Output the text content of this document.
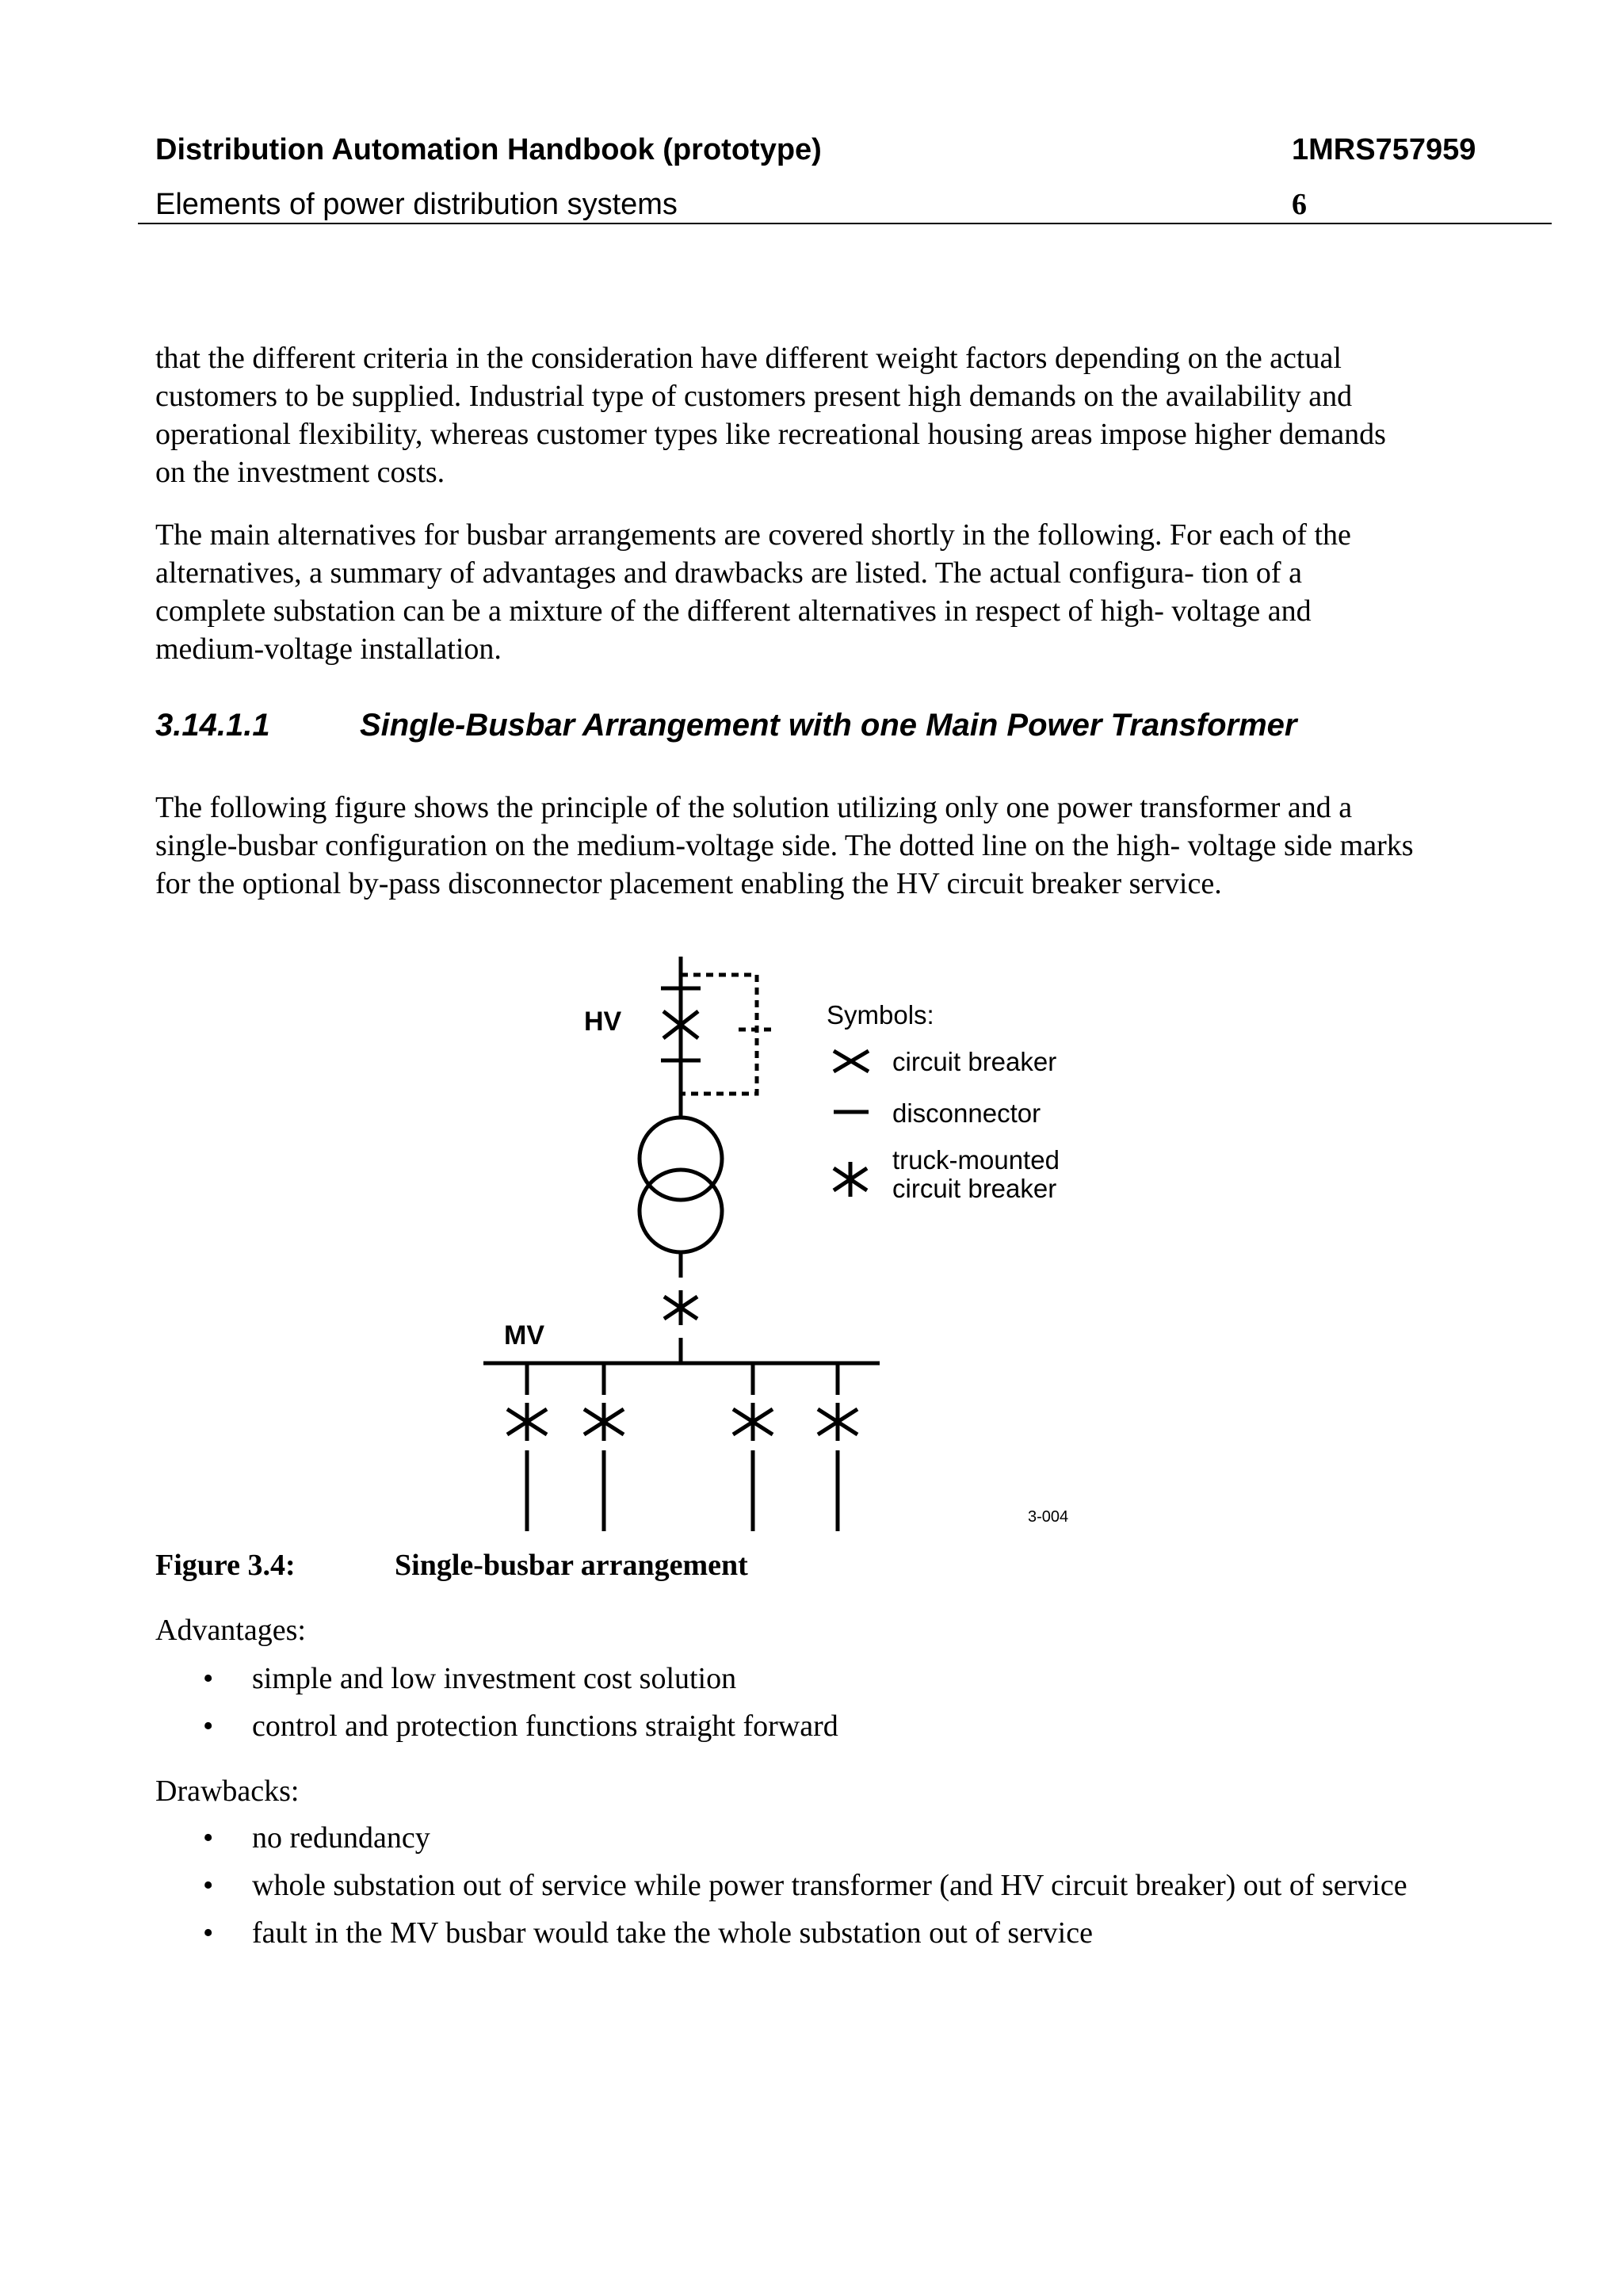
Distribution Automation Handbook (prototype)	1MRS757959
Elements of power distribution systems	6

that the different criteria in the consideration have different weight factors depending on the actual customers to be supplied. Industrial type of customers present high demands on the availability and operational flexibility, whereas customer types like recreational housing areas impose higher demands on the investment costs.

The main alternatives for busbar arrangements are covered shortly in the following. For each of the alternatives, a summary of advantages and drawbacks are listed. The actual configura- tion of a complete substation can be a mixture of the different alternatives in respect of high- voltage and medium-voltage installation.

3.14.1.1	Single-Busbar Arrangement with one Main Power Transformer

The following figure shows the principle of the solution utilizing only one power transformer and a single-busbar configuration on the medium-voltage side. The dotted line on the high- voltage side marks for the optional by-pass disconnector placement enabling the HV circuit breaker service.

HV
MV
Symbols:
circuit breaker
disconnector
truck-mounted
circuit breaker
3-004
Figure 3.4:	Single-busbar arrangement
Advantages:
• simple and low investment cost solution
• control and protection functions straight forward
Drawbacks:
• no redundancy
• whole substation out of service while power transformer (and HV circuit breaker) out of service
• fault in the MV busbar would take the whole substation out of service
